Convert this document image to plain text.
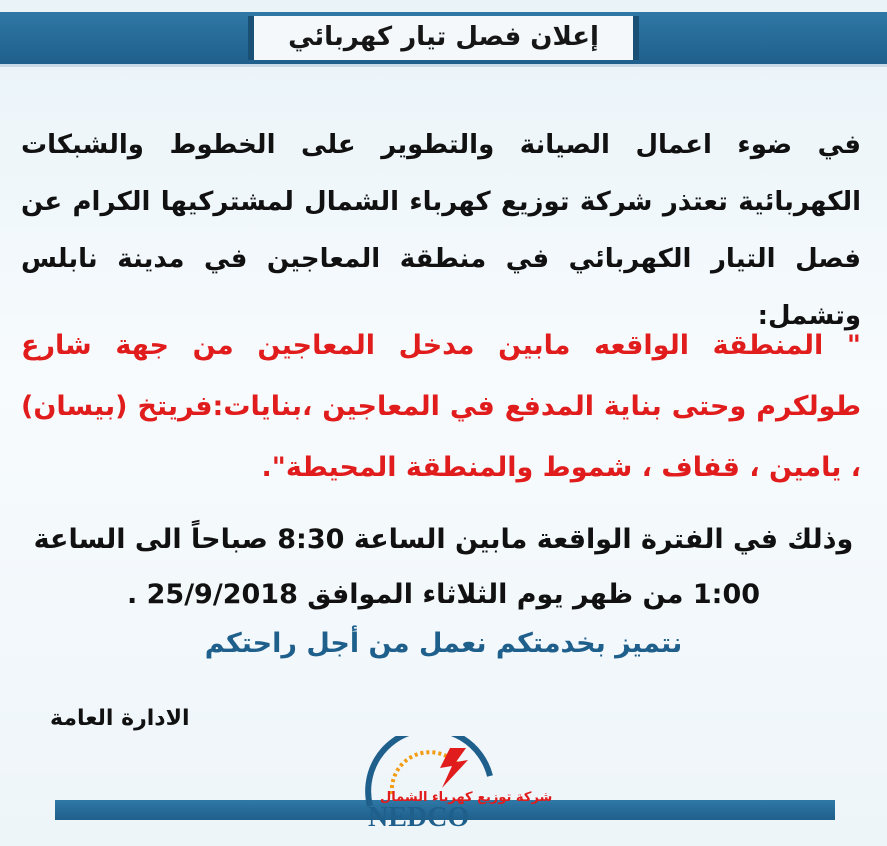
إعلان فصل تيار كهربائي
في ضوء اعمال الصيانة والتطوير على الخطوط والشبكات الكهربائية تعتذر شركة توزيع كهرباء الشمال لمشتركيها الكرام عن فصل التيار الكهربائي في منطقة المعاجين في مدينة نابلس وتشمل:
" المنطقة الواقعه مابين مدخل المعاجين من جهة شارع طولكرم وحتى بناية المدفع في المعاجين ،بنايات:فريتخ (بيسان) ، يامين ، قفاف ، شموط والمنطقة المحيطة".
وذلك في الفترة الواقعة مابين الساعة 8:30 صباحاً الى الساعة 1:00 من ظهر يوم الثلاثاء الموافق 25/9/2018 .
نتميز بخدمتكم نعمل من أجل راحتكم
الادارة العامة
شركة توزيع كهرباء الشمال
NEDCO
